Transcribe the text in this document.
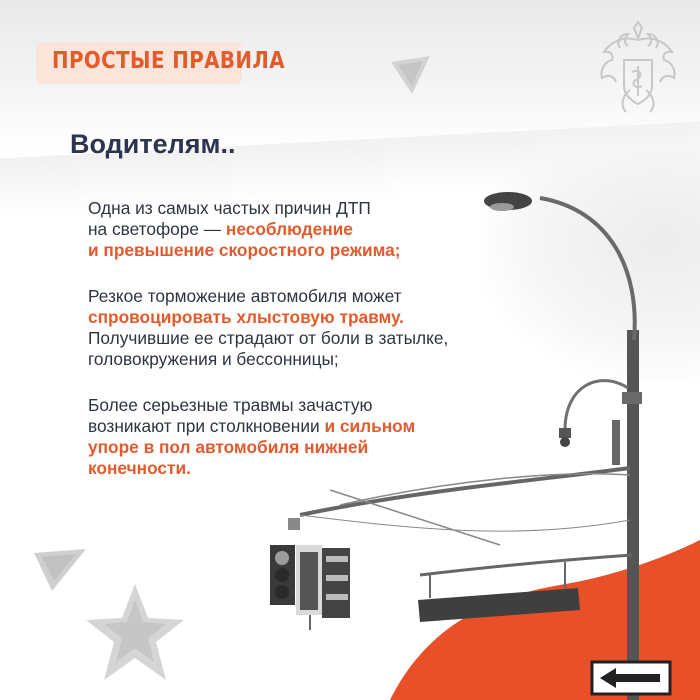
ПРОСТЫЕ ПРАВИЛА
Водителям..

Одна из самых частых причин ДТП
на светофоре — несоблюдение
и превышение скоростного режима;

Резкое торможение автомобиля может
спровоцировать хлыстовую травму.
Получившие ее страдают от боли в затылке,
головокружения и бессонницы;

Более серьезные травмы зачастую
возникают при столкновении и сильном
упоре в пол автомобиля нижней
конечности.
